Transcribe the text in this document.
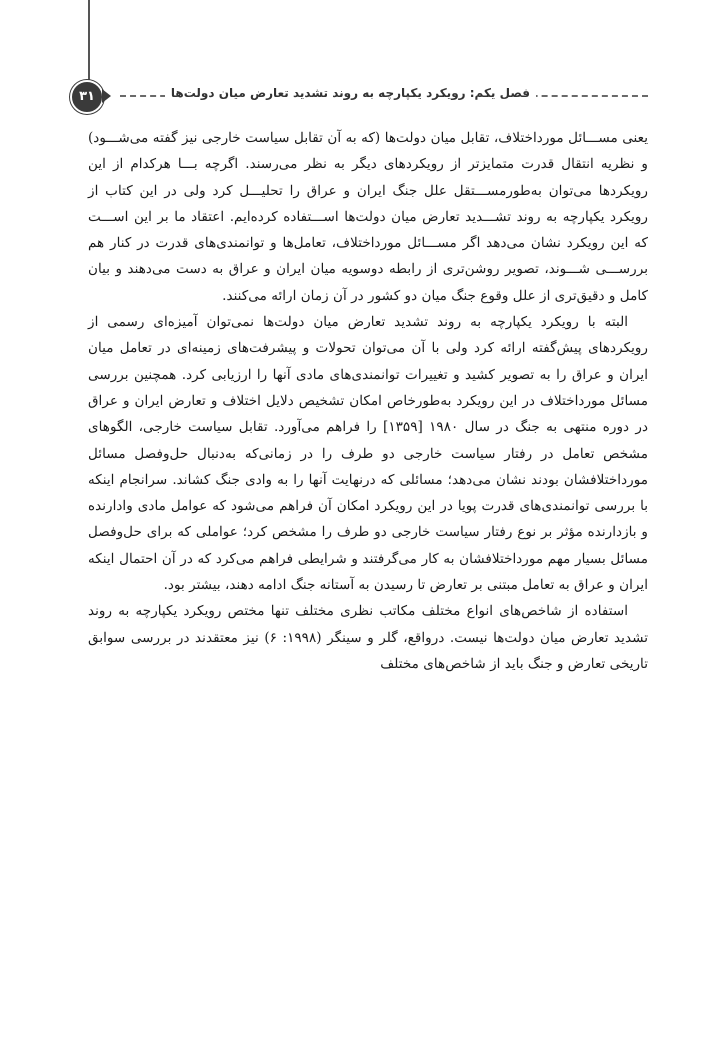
۳۱	فصل یکم: رویکرد یکپارچه به روند تشدید تعارض میان دولت‌ها

یعنی مســـائل مورداختلاف، تقابل میان دولت‌ها (که به آن تقابل سیاست خارجی نیز گفته می‌شـــود) و نظریه انتقال قدرت متمایزتر از رویکردهای دیگر به نظر می‌رسند. اگرچه بـــا هرکدام از این رویکردها می‌توان به‌طورمســـتقل علل جنگ ایران و عراق را تحلیـــل کرد ولی در این کتاب از رویکرد یکپارچه به روند تشـــدید تعارض میان دولت‌ها اســـتفاده کرده‌ایم. اعتقاد ما بر این اســـت که این رویکرد نشان می‌دهد اگر مســـائل مورداختلاف، تعامل‌ها و توانمندی‌های قدرت در کنار هم بررســـی شـــوند، تصویر روشن‌تری از رابطه دوسویه میان ایران و عراق به دست می‌دهند و بیان کامل و دقیق‌تری از علل وقوع جنگ میان دو کشور در آن زمان ارائه می‌کنند.

البته با رویکرد یکپارچه به روند تشدید تعارض میان دولت‌ها نمی‌توان آمیزه‌ای رسمی از رویکردهای پیش‌گفته ارائه کرد ولی با آن می‌توان تحولات و پیشرفت‌های زمینه‌ای در تعامل میان ایران و عراق را به تصویر کشید و تغییرات توانمندی‌های مادی آنها را ارزیابی کرد. همچنین بررسی مسائل مورداختلاف در این رویکرد به‌طورخاص امکان تشخیص دلایل اختلاف و تعارض ایران و عراق در دوره منتهی به جنگ در سال ۱۹۸۰ [۱۳۵۹] را فراهم می‌آورد. تقابل سیاست خارجی، الگوهای مشخص تعامل در رفتار سیاست خارجی دو طرف را در زمانی‌که به‌دنبال حل‌وفصل مسائل مورداختلافشان بودند نشان می‌دهد؛ مسائلی که درنهایت آنها را به وادی جنگ کشاند. سرانجام اینکه با بررسی توانمندی‌های قدرت پویا در این رویکرد امکان آن فراهم می‌شود که عوامل مادی وادارنده و بازدارنده مؤثر بر نوع رفتار سیاست خارجی دو طرف را مشخص کرد؛ عواملی که برای حل‌وفصل مسائل بسیار مهم مورداختلافشان به کار می‌گرفتند و شرایطی فراهم می‌کرد که در آن احتمال اینکه ایران و عراق به تعامل مبتنی بر تعارض تا رسیدن به آستانه جنگ ادامه دهند، بیشتر بود.

استفاده از شاخص‌های انواع مختلف مکاتب نظری مختلف تنها مختص رویکرد یکپارچه به روند تشدید تعارض میان دولت‌ها نیست. درواقع، گلر و سینگر (۱۹۹۸: ۶) نیز معتقدند در بررسی سوابق تاریخی تعارض و جنگ باید از شاخص‌های مختلف
